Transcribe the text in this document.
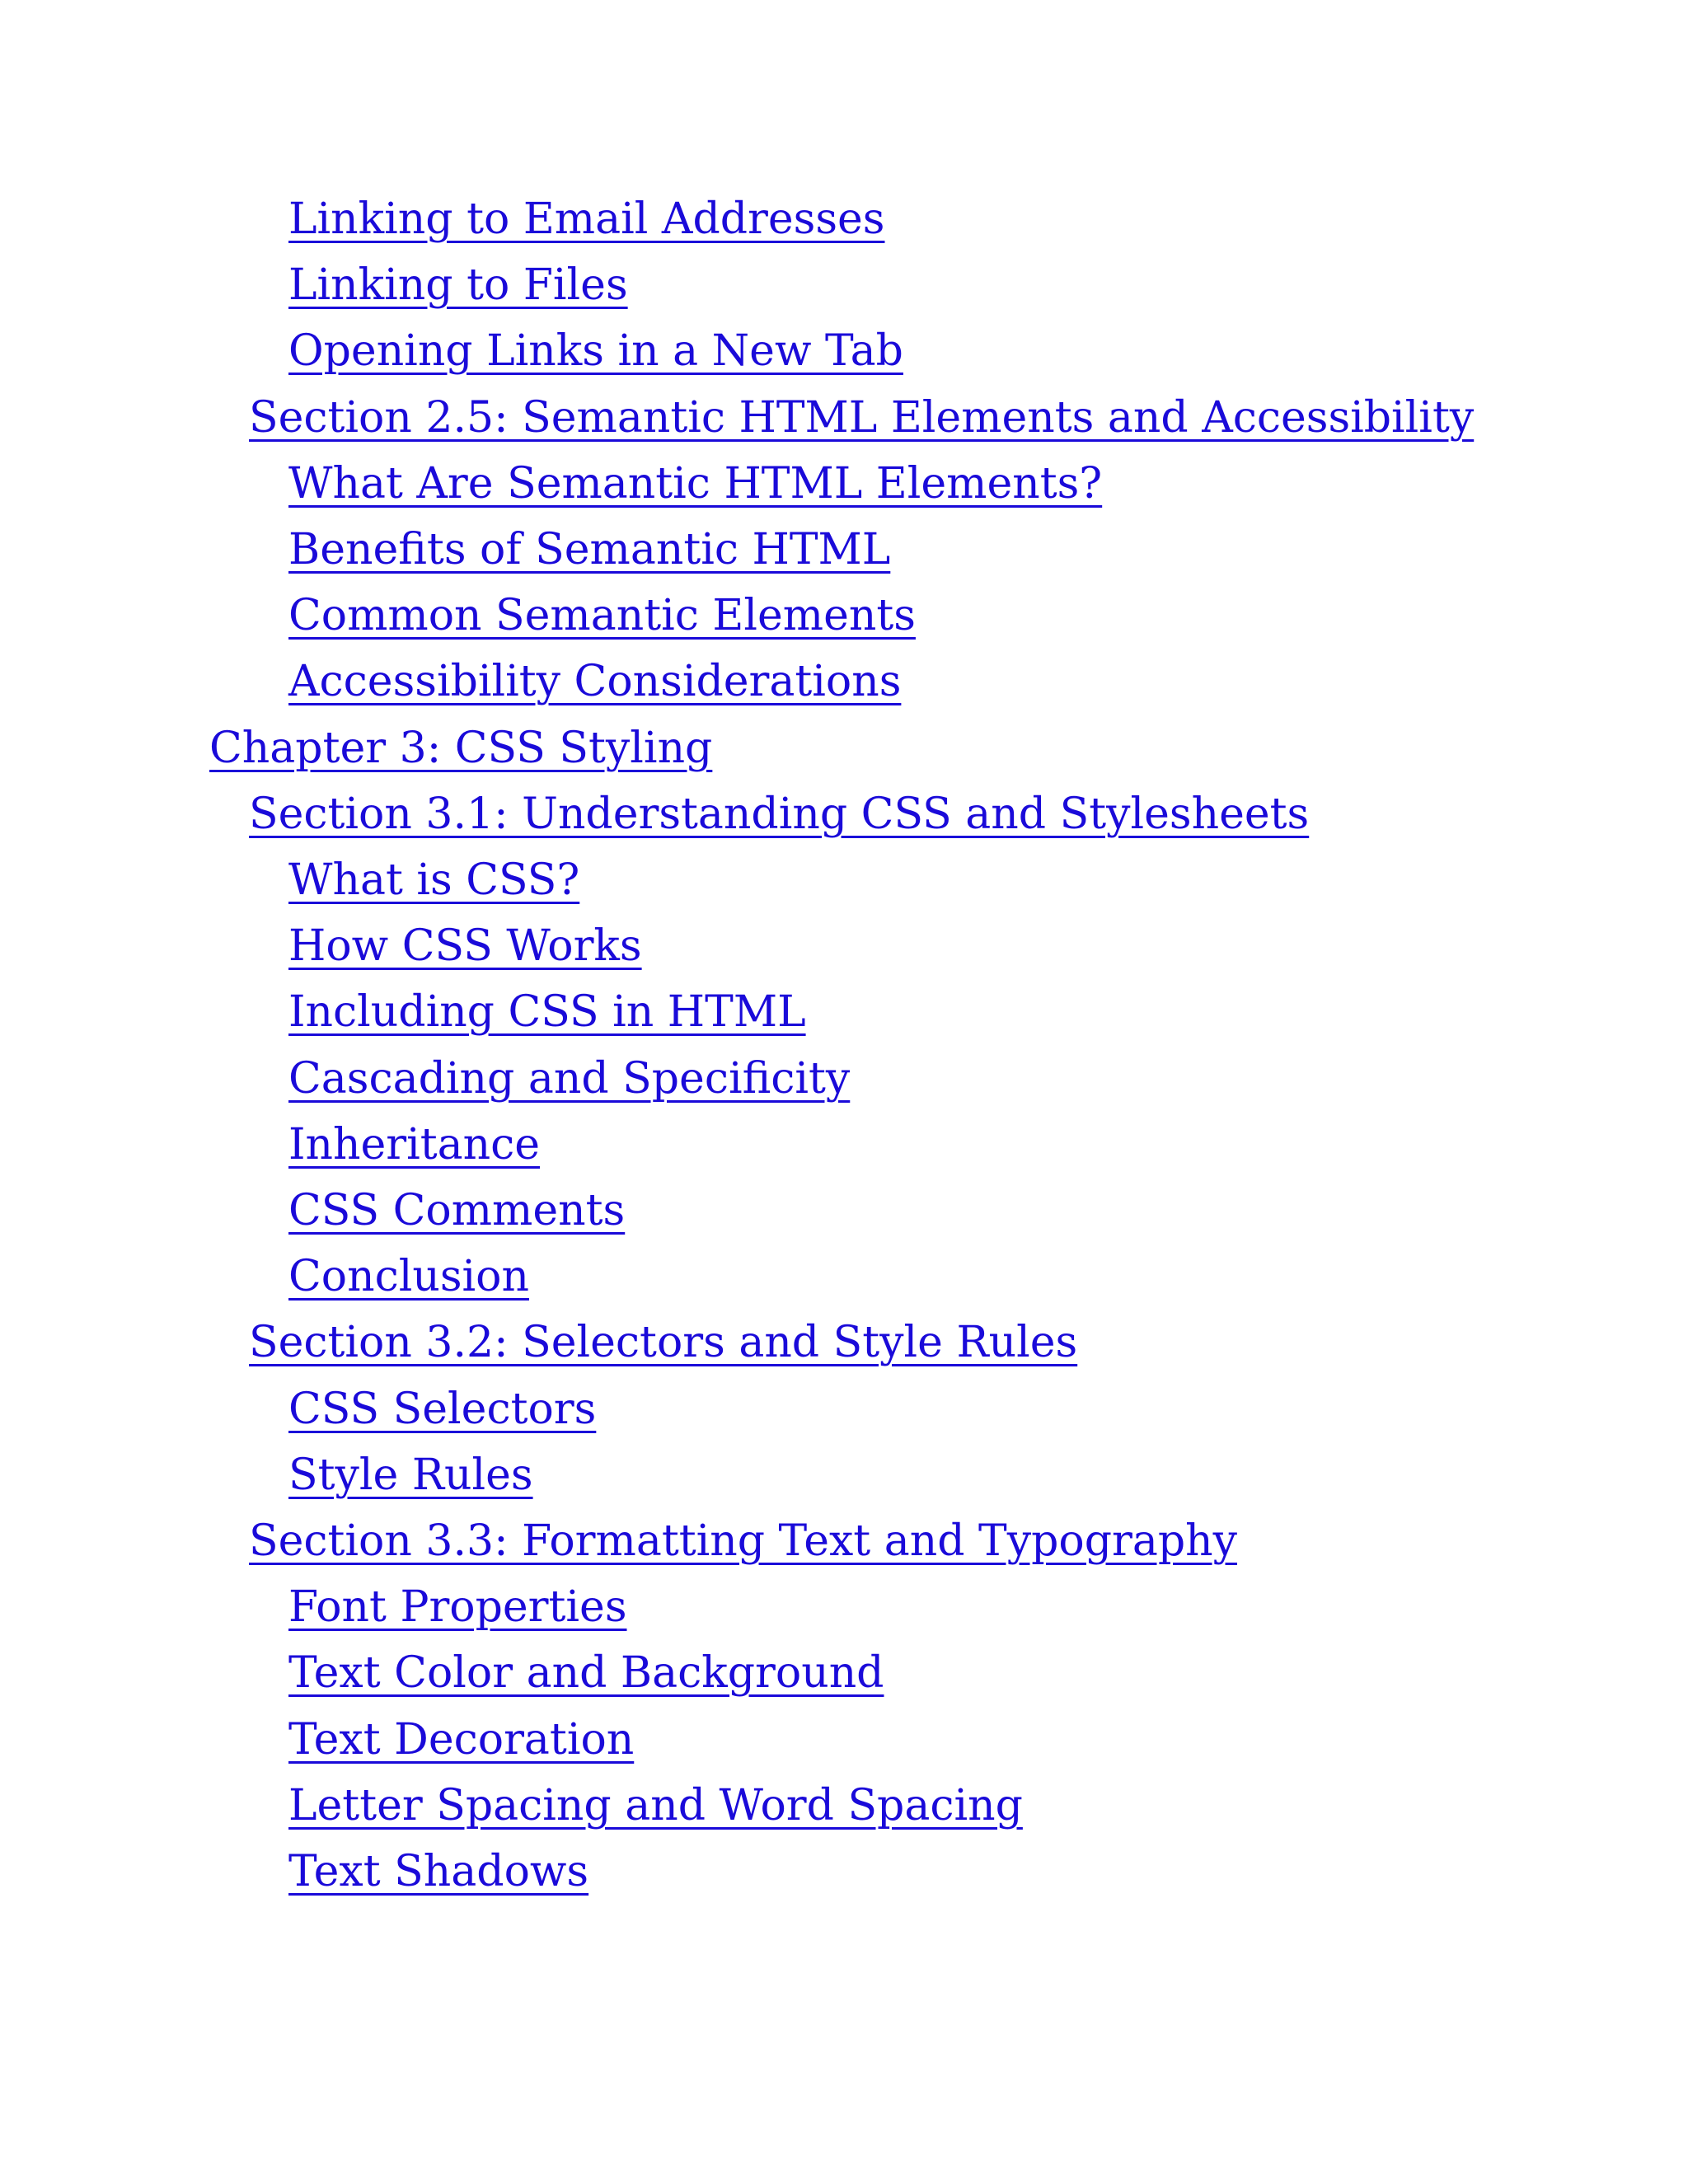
Linking to Email Addresses
Linking to Files
Opening Links in a New Tab
Section 2.5: Semantic HTML Elements and Accessibility
What Are Semantic HTML Elements?
Benefits of Semantic HTML
Common Semantic Elements
Accessibility Considerations
Chapter 3: CSS Styling
Section 3.1: Understanding CSS and Stylesheets
What is CSS?
How CSS Works
Including CSS in HTML
Cascading and Specificity
Inheritance
CSS Comments
Conclusion
Section 3.2: Selectors and Style Rules
CSS Selectors
Style Rules
Section 3.3: Formatting Text and Typography
Font Properties
Text Color and Background
Text Decoration
Letter Spacing and Word Spacing
Text Shadows
